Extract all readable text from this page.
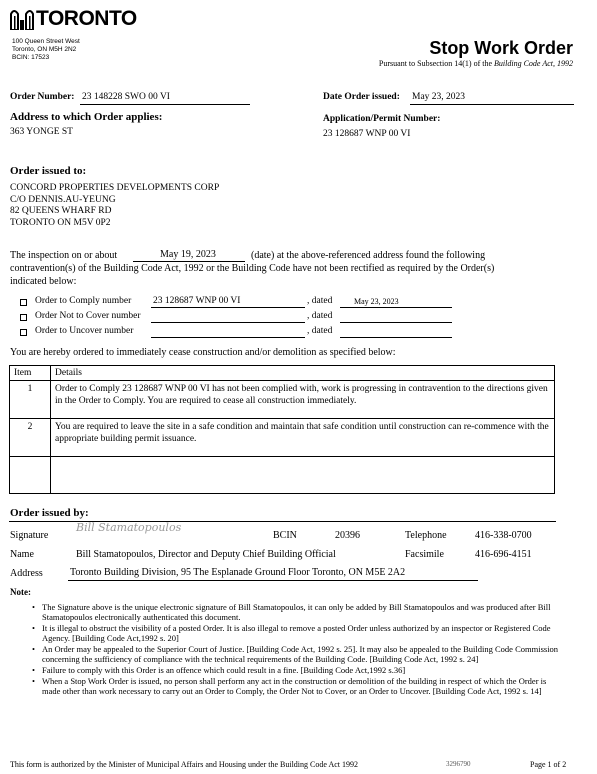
TORONTO
100 Queen Street West
Toronto, ON M5H 2N2
BCIN: 17523	Stop Work Order
Pursuant to Subsection 14(1) of the Building Code Act, 1992
Order Number: 23 148228 SWO 00 VI	Date Order issued: May 23, 2023
Address to which Order applies:
363 YONGE ST
Application/Permit Number:
23 128687 WNP 00 VI
Order issued to:
CONCORD PROPERTIES DEVELOPMENTS CORP
C/O DENNIS.AU-YEUNG
82 QUEENS WHARF RD
TORONTO ON M5V 0P2
The inspection on or about	May 19, 2023	(date) at the above-referenced address found the following
contravention(s) of the Building Code Act, 1992 or the Building Code have not been rectified as required by the Order(s)
indicated below:
Order to Comply number 23 128687 WNP 00 VI	, dated	May 23, 2023
Order Not to Cover number	, dated
Order to Uncover number	, dated
You are hereby ordered to immediately cease construction and/or demolition as specified below:
Item	Details
1	Order to Comply 23 128687 WNP 00 VI has not been complied with, work is progressing in contravention to the directions given in the Order to Comply. You are required to cease all construction immediately.
2	You are required to leave the site in a safe condition and maintain that safe condition until construction can re-commence with the appropriate building permit issuance.

Order issued by:
Signature
Bill Stamatopoulos
BCIN	20396	Telephone	416-338-0700
Name	Bill Stamatopoulos, Director and Deputy Chief Building Official	Facsimile	416-696-4151
Address	Toronto Building Division, 95 The Esplanade Ground Floor Toronto, ON M5E 2A2
Note:
• The Signature above is the unique electronic signature of Bill Stamatopoulos, it can only be added by Bill Stamatopoulos and was produced after Bill Stamatopoulos electronically authenticated this document.
• It is illegal to obstruct the visibility of a posted Order. It is also illegal to remove a posted Order unless authorized by an inspector or Registered Code Agency. [Building Code Act,1992 s. 20]
• An Order may be appealed to the Superior Court of Justice. [Building Code Act, 1992 s. 25]. It may also be appealed to the Building Code Commission concerning the sufficiency of compliance with the technical requirements of the Building Code. [Building Code Act, 1992 s. 24]
• Failure to comply with this Order is an offence which could result in a fine. [Building Code Act,1992 s.36]
• When a Stop Work Order is issued, no person shall perform any act in the construction or demolition of the building in respect of which the Order is made other than work necessary to carry out an Order to Comply, the Order Not to Cover, or an Order to Uncover. [Building Code Act, 1992 s. 14]
This form is authorized by the Minister of Municipal Affairs and Housing under the Building Code Act 1992	3296790	Page 1 of 2
